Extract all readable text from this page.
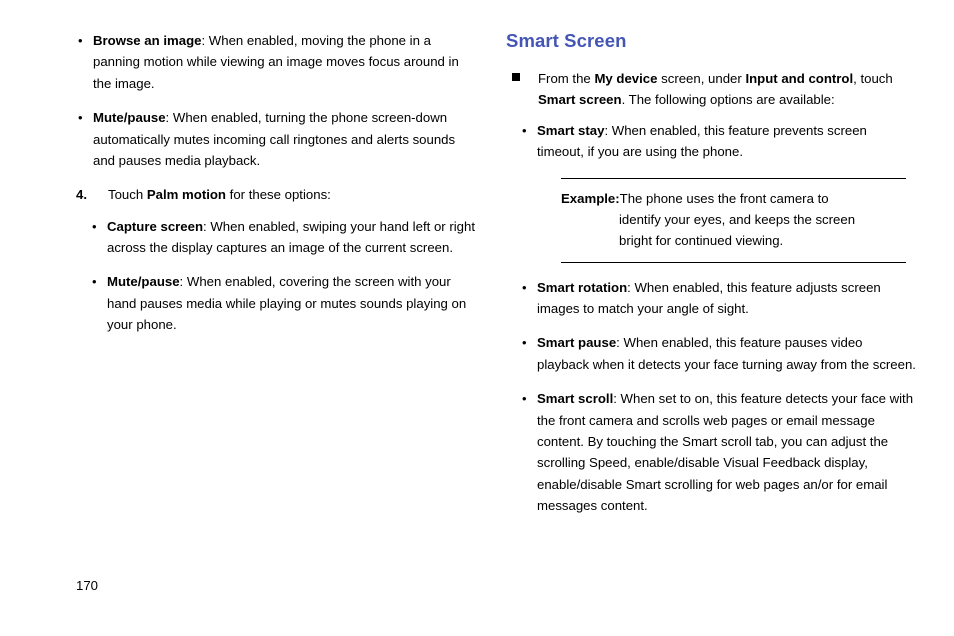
• Browse an image: When enabled, moving the phone in a panning motion while viewing an image moves focus around in the image.
• Mute/pause: When enabled, turning the phone screen-down automatically mutes incoming call ringtones and alerts sounds and pauses media playback.
4. Touch Palm motion for these options:
• Capture screen: When enabled, swiping your hand left or right across the display captures an image of the current screen.
• Mute/pause: When enabled, covering the screen with your hand pauses media while playing or mutes sounds playing on your phone.
Smart Screen
From the My device screen, under Input and control, touch Smart screen. The following options are available:
• Smart stay: When enabled, this feature prevents screen timeout, if you are using the phone.
Example:The phone uses the front camera to
identify your eyes, and keeps the screen
bright for continued viewing.
• Smart rotation: When enabled, this feature adjusts screen images to match your angle of sight.
• Smart pause: When enabled, this feature pauses video playback when it detects your face turning away from the screen.
• Smart scroll: When set to on, this feature detects your face with the front camera and scrolls web pages or email message content. By touching the Smart scroll tab, you can adjust the scrolling Speed, enable/disable Visual Feedback display, enable/disable Smart scrolling for web pages an/or for email messages content.
170
